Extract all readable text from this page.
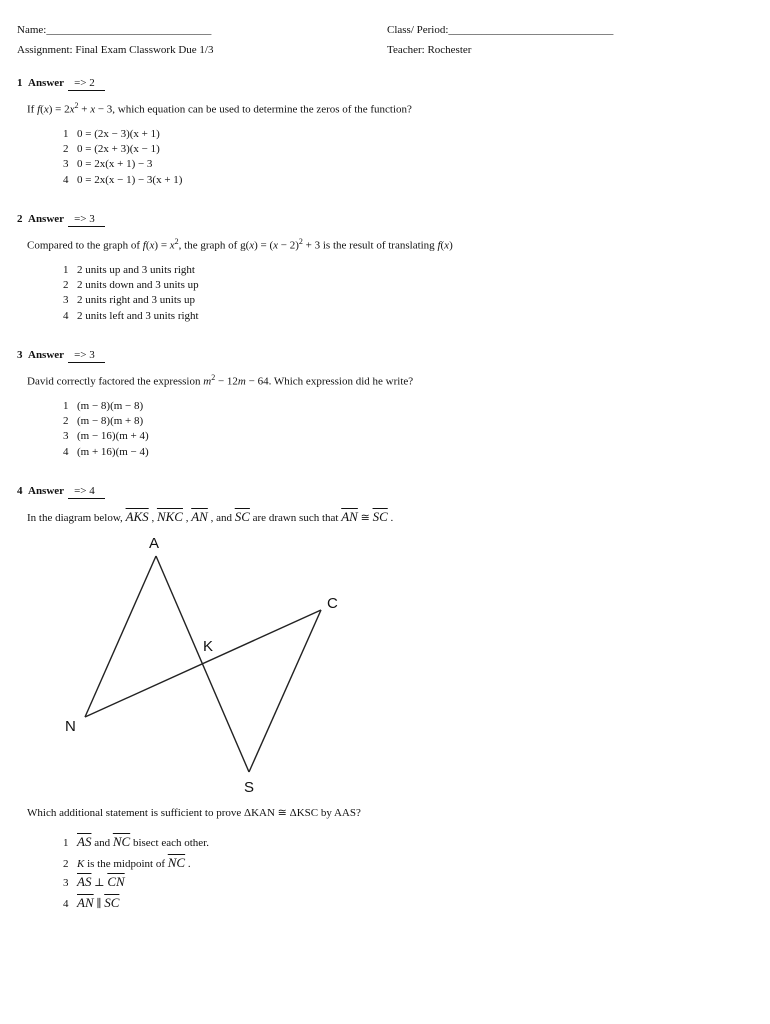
Name:______________________________	Class/ Period:______________________________
Assignment: Final Exam Classwork Due 1/3	Teacher: Rochester
1 Answer => 2
If $f(x) = 2x^2 + x - 3$, which equation can be used to determine the zeros of the function?
1 0 = (2x − 3)(x + 1)
2 0 = (2x + 3)(x − 1)
3 0 = 2x(x + 1) − 3
4 0 = 2x(x − 1) − 3(x + 1)
2 Answer => 3
Compared to the graph of $f(x) = x^2$, the graph of $g(x) = (x - 2)^2 + 3$ is the result of translating f(x)
1 2 units up and 3 units right
2 2 units down and 3 units up
3 2 units right and 3 units up
4 2 units left and 3 units right
3 Answer => 3
David correctly factored the expression $m^2 - 12m - 64$. Which expression did he write?
1 (m − 8)(m − 8)
2 (m − 8)(m + 8)
3 (m − 16)(m + 4)
4 (m + 16)(m − 4)
4 Answer => 4
In the diagram below, $\overline{AKS}$ , $\overline{NKC}$ , $\overline{AN}$ , and $\overline{SC}$ are drawn such that $\overline{AN}$ ≅ $\overline{SC}$ .
A
C
K
N
S
Which additional statement is sufficient to prove ΔKAN ≅ ΔKSC by AAS?
1 $\overline{AS}$ and $\overline{NC}$ bisect each other.
2 K is the midpoint of $\overline{NC}$ .
3 $\overline{AS}$ ⊥ $\overline{CN}$
4 $\overline{AN}$ ∥ $\overline{SC}$
